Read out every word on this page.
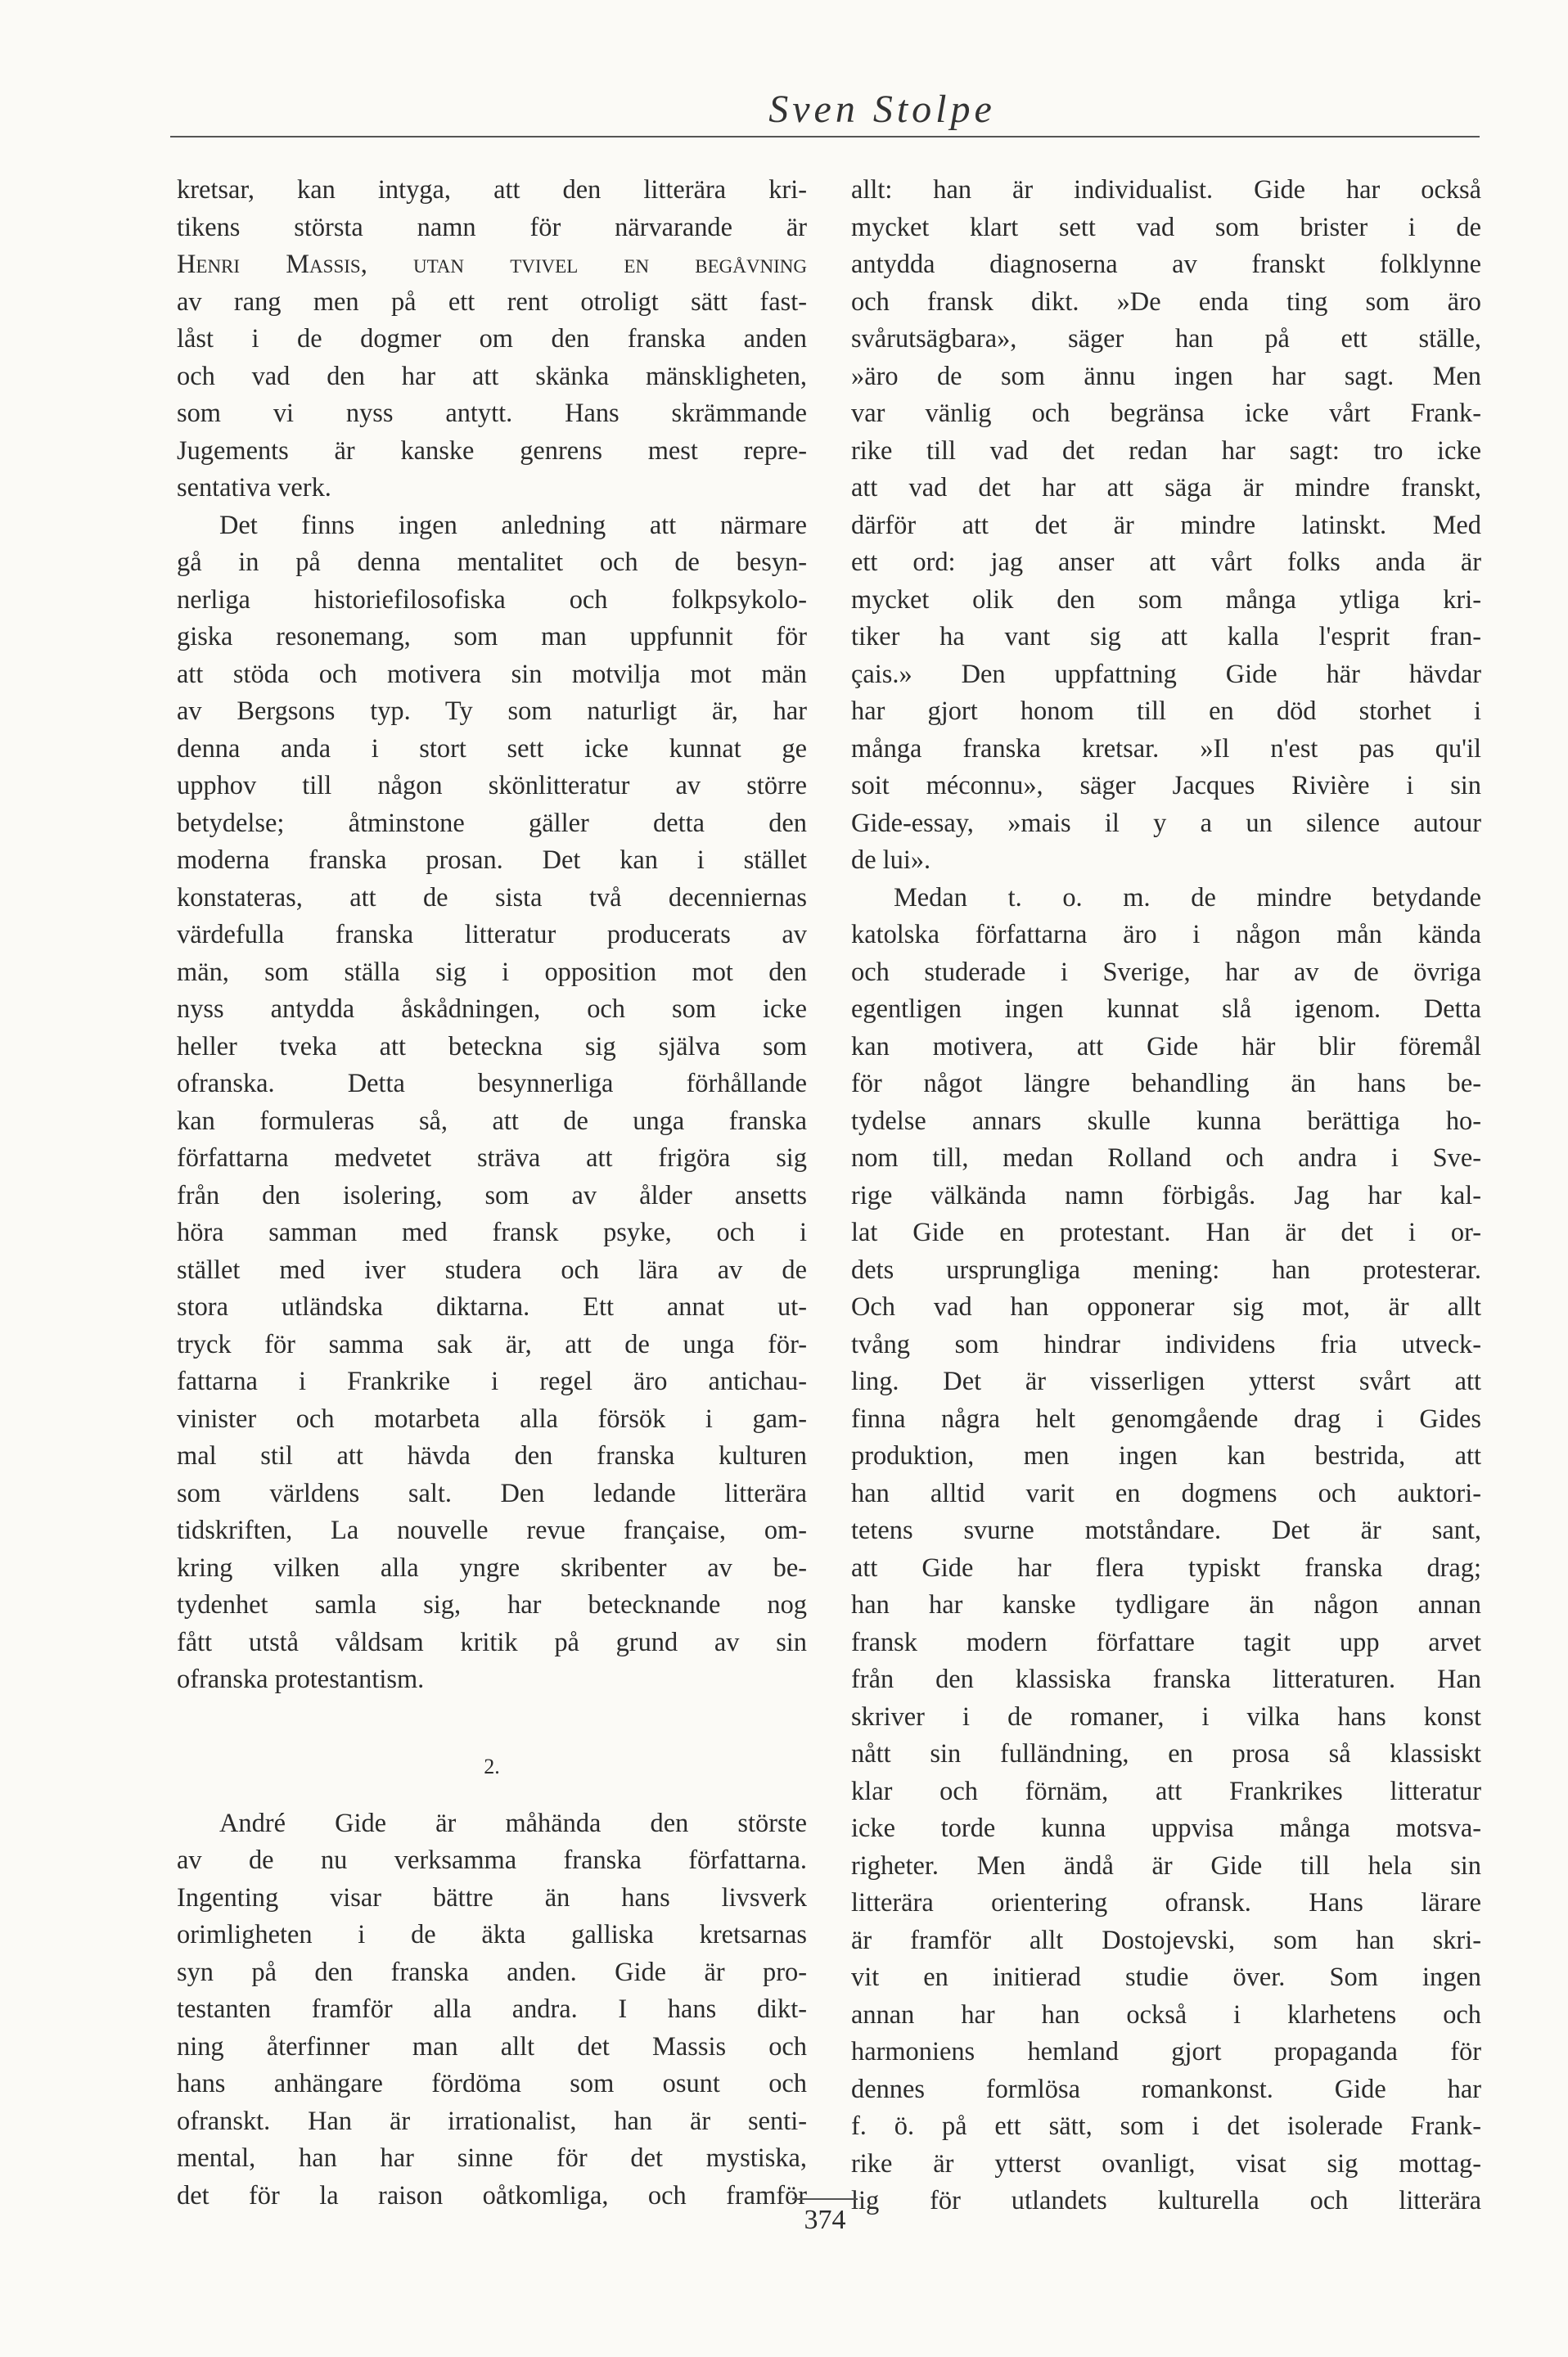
Sven Stolpe
kretsar, kan intyga, att den litterära kri-
tikens största namn för närvarande är
Henri Massis, utan tvivel en begåvning
av rang men på ett rent otroligt sätt fast-
låst i de dogmer om den franska anden
och vad den har att skänka mänskligheten,
som vi nyss antytt. Hans skrämmande
Jugements är kanske genrens mest repre-
sentativa verk.
Det finns ingen anledning att närmare
gå in på denna mentalitet och de besyn-
nerliga historiefilosofiska och folkpsykolo-
giska resonemang, som man uppfunnit för
att stöda och motivera sin motvilja mot män
av Bergsons typ. Ty som naturligt är, har
denna anda i stort sett icke kunnat ge
upphov till någon skönlitteratur av större
betydelse; åtminstone gäller detta den
moderna franska prosan. Det kan i stället
konstateras, att de sista två decenniernas
värdefulla franska litteratur producerats av
män, som ställa sig i opposition mot den
nyss antydda åskådningen, och som icke
heller tveka att beteckna sig själva som
ofranska. Detta besynnerliga förhållande
kan formuleras så, att de unga franska
författarna medvetet sträva att frigöra sig
från den isolering, som av ålder ansetts
höra samman med fransk psyke, och i
stället med iver studera och lära av de
stora utländska diktarna. Ett annat ut-
tryck för samma sak är, att de unga för-
fattarna i Frankrike i regel äro antichau-
vinister och motarbeta alla försök i gam-
mal stil att hävda den franska kulturen
som världens salt. Den ledande litterära
tidskriften, La nouvelle revue française, om-
kring vilken alla yngre skribenter av be-
tydenhet samla sig, har betecknande nog
fått utstå våldsam kritik på grund av sin
ofranska protestantism.
2.
André Gide är måhända den störste
av de nu verksamma franska författarna.
Ingenting visar bättre än hans livsverk
orimligheten i de äkta galliska kretsarnas
syn på den franska anden. Gide är pro-
testanten framför alla andra. I hans dikt-
ning återfinner man allt det Massis och
hans anhängare fördöma som osunt och
ofranskt. Han är irrationalist, han är senti-
mental, han har sinne för det mystiska,
det för la raison oåtkomliga, och framför
allt: han är individualist. Gide har också
mycket klart sett vad som brister i de
antydda diagnoserna av franskt folklynne
och fransk dikt. »De enda ting som äro
svårutsägbara», säger han på ett ställe,
»äro de som ännu ingen har sagt. Men
var vänlig och begränsa icke vårt Frank-
rike till vad det redan har sagt: tro icke
att vad det har att säga är mindre franskt,
därför att det är mindre latinskt. Med
ett ord: jag anser att vårt folks anda är
mycket olik den som många ytliga kri-
tiker ha vant sig att kalla l'esprit fran-
çais.» Den uppfattning Gide här hävdar
har gjort honom till en död storhet i
många franska kretsar. »Il n'est pas qu'il
soit méconnu», säger Jacques Rivière i sin
Gide-essay, »mais il y a un silence autour
de lui».
Medan t. o. m. de mindre betydande
katolska författarna äro i någon mån kända
och studerade i Sverige, har av de övriga
egentligen ingen kunnat slå igenom. Detta
kan motivera, att Gide här blir föremål
för något längre behandling än hans be-
tydelse annars skulle kunna berättiga ho-
nom till, medan Rolland och andra i Sve-
rige välkända namn förbigås. Jag har kal-
lat Gide en protestant. Han är det i or-
dets ursprungliga mening: han protesterar.
Och vad han opponerar sig mot, är allt
tvång som hindrar individens fria utveck-
ling. Det är visserligen ytterst svårt att
finna några helt genomgående drag i Gides
produktion, men ingen kan bestrida, att
han alltid varit en dogmens och auktori-
tetens svurne motståndare. Det är sant,
att Gide har flera typiskt franska drag;
han har kanske tydligare än någon annan
fransk modern författare tagit upp arvet
från den klassiska franska litteraturen. Han
skriver i de romaner, i vilka hans konst
nått sin fulländning, en prosa så klassiskt
klar och förnäm, att Frankrikes litteratur
icke torde kunna uppvisa många motsva-
righeter. Men ändå är Gide till hela sin
litterära orientering ofransk. Hans lärare
är framför allt Dostojevski, som han skri-
vit en initierad studie över. Som ingen
annan har han också i klarhetens och
harmoniens hemland gjort propaganda för
dennes formlösa romankonst. Gide har
f. ö. på ett sätt, som i det isolerade Frank-
rike är ytterst ovanligt, visat sig mottag-
lig för utlandets kulturella och litterära
374
